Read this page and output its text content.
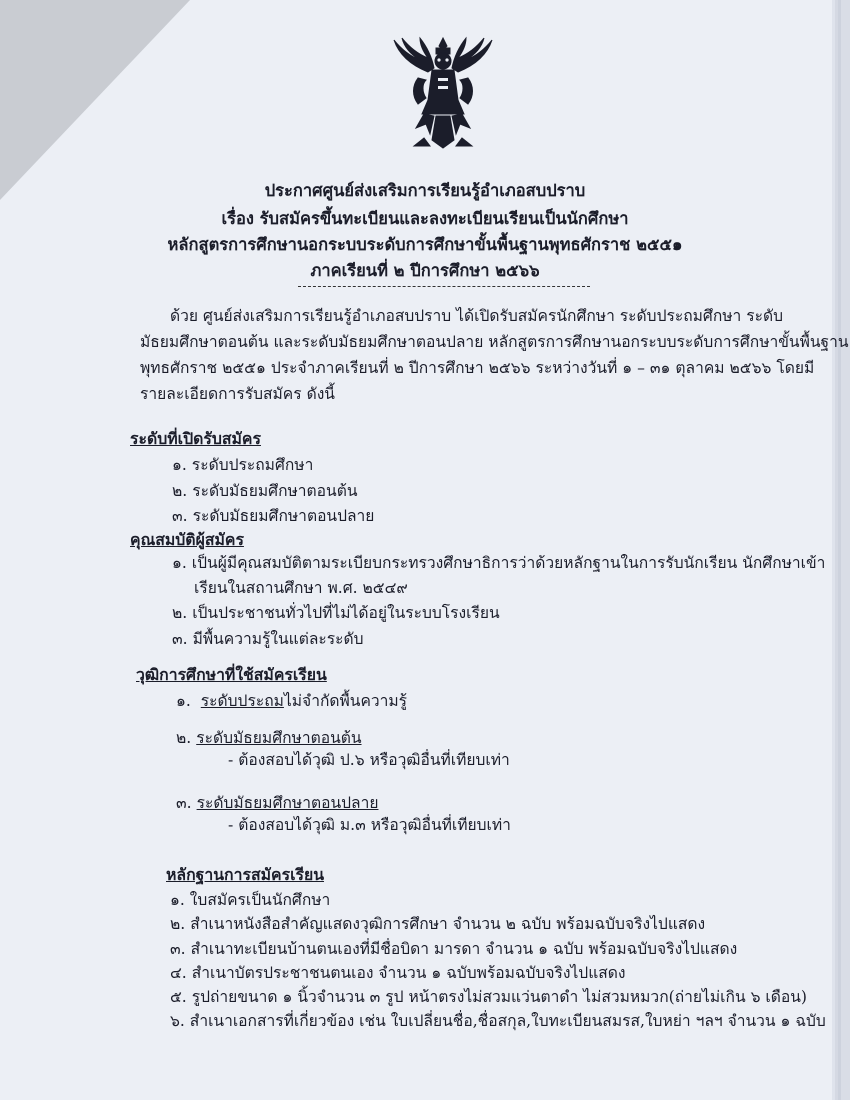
ประกาศศูนย์ส่งเสริมการเรียนรู้อำเภอสบปราบ
เรื่อง รับสมัครขึ้นทะเบียนและลงทะเบียนเรียนเป็นนักศึกษา
หลักสูตรการศึกษานอกระบบระดับการศึกษาขั้นพื้นฐานพุทธศักราช ๒๕๕๑
ภาคเรียนที่ ๒ ปีการศึกษา ๒๕๖๖
ด้วย ศูนย์ส่งเสริมการเรียนรู้อำเภอสบปราบ ได้เปิดรับสมัครนักศึกษา ระดับประถมศึกษา ระดับ
มัธยมศึกษาตอนต้น และระดับมัธยมศึกษาตอนปลาย หลักสูตรการศึกษานอกระบบระดับการศึกษาขั้นพื้นฐาน
พุทธศักราช ๒๕๕๑ ประจำภาคเรียนที่ ๒ ปีการศึกษา ๒๕๖๖ ระหว่างวันที่ ๑ – ๓๑ ตุลาคม ๒๕๖๖ โดยมี
รายละเอียดการรับสมัคร ดังนี้
ระดับที่เปิดรับสมัคร
๑. ระดับประถมศึกษา
๒. ระดับมัธยมศึกษาตอนต้น
๓. ระดับมัธยมศึกษาตอนปลาย
คุณสมบัติผู้สมัคร
๑. เป็นผู้มีคุณสมบัติตามระเบียบกระทรวงศึกษาธิการว่าด้วยหลักฐานในการรับนักเรียน นักศึกษาเข้า
เรียนในสถานศึกษา พ.ศ. ๒๕๔๙
๒. เป็นประชาชนทั่วไปที่ไม่ได้อยู่ในระบบโรงเรียน
๓. มีพื้นความรู้ในแต่ละระดับ
วุฒิการศึกษาที่ใช้สมัครเรียน
๑. ระดับประถมไม่จำกัดพื้นความรู้
๒. ระดับมัธยมศึกษาตอนต้น
- ต้องสอบได้วุฒิ ป.๖ หรือวุฒิอื่นที่เทียบเท่า
๓. ระดับมัธยมศึกษาตอนปลาย
- ต้องสอบได้วุฒิ ม.๓ หรือวุฒิอื่นที่เทียบเท่า
หลักฐานการสมัครเรียน
๑. ใบสมัครเป็นนักศึกษา
๒. สำเนาหนังสือสำคัญแสดงวุฒิการศึกษา จำนวน ๒ ฉบับ พร้อมฉบับจริงไปแสดง
๓. สำเนาทะเบียนบ้านตนเองที่มีชื่อบิดา มารดา จำนวน ๑ ฉบับ พร้อมฉบับจริงไปแสดง
๔. สำเนาบัตรประชาชนตนเอง จำนวน ๑ ฉบับพร้อมฉบับจริงไปแสดง
๕. รูปถ่ายขนาด ๑ นิ้วจำนวน ๓ รูป หน้าตรงไม่สวมแว่นตาดำ ไม่สวมหมวก(ถ่ายไม่เกิน ๖ เดือน)
๖. สำเนาเอกสารที่เกี่ยวข้อง เช่น ใบเปลี่ยนชื่อ,ชื่อสกุล,ใบทะเบียนสมรส,ใบหย่า ฯลฯ จำนวน ๑ ฉบับ
